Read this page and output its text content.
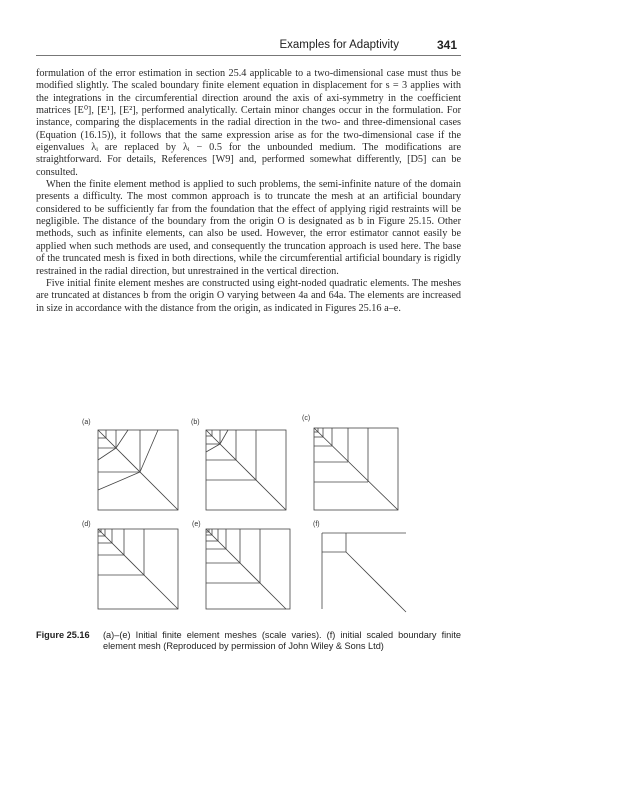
Examples for Adaptivity	341

formulation of the error estimation in section 25.4 applicable to a two-dimensional case must thus be modified slightly. The scaled boundary finite element equation in displacement for s = 3 applies with the integrations in the circumferential direction around the axis of axi-symmetry in the coefficient matrices [E⁰], [E¹], [E²], performed analytically. Certain minor changes occur in the formulation. For instance, comparing the displacements in the radial direction in the two- and three-dimensional cases (Equation (16.15)), it follows that the same expression arise as for the two-dimensional case if the eigenvalues λᵢ are replaced by λᵢ − 0.5 for the unbounded medium. The modifications are straightforward. For details, References [W9] and, performed somewhat differently, [D5] can be consulted.

When the finite element method is applied to such problems, the semi-infinite nature of the domain presents a difficulty. The most common approach is to truncate the mesh at an artificial boundary considered to be sufficiently far from the foundation that the effect of applying rigid restraints will be negligible. The distance of the boundary from the origin O is designated as b in Figure 25.15. Other methods, such as infinite elements, can also be used. However, the error estimator cannot easily be applied when such methods are used, and consequently the truncation approach is used here. The base of the truncated mesh is fixed in both directions, while the circumferential artificial boundary is rigidly restrained in the radial direction, but unrestrained in the vertical direction.

Five initial finite element meshes are constructed using eight-noded quadratic elements. The meshes are truncated at distances b from the origin O varying between 4a and 64a. The elements are increased in size in accordance with the distance from the origin, as indicated in Figures 25.16 a–e.

(a)	(b)
(c)
(d)	(e)	(f)
Figure 25.16 (a)–(e) Initial finite element meshes (scale varies). (f) initial scaled boundary finite element mesh (Reproduced by permission of John Wiley & Sons Ltd)
